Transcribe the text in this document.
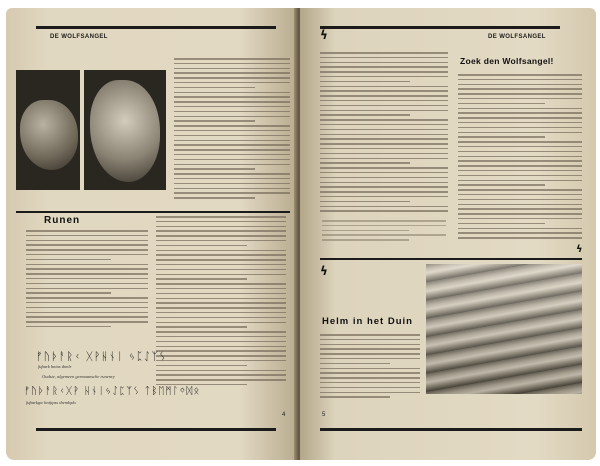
DE WOLFSANGEL
Runen
ᚠᚢᚦᚨᚱᚲ ᚷᚹᚺᚾᛁ ᛃᛈᛇᛉᛊ
fuþark hnias tbmlr
Oudste, algemeen germaansche runenry
ᚠᚢᚦᚨᚱᚲᚷᚹ ᚺᚾᛁᛃᛇᛈᛉᛊ ᛏᛒᛖᛗᛚᛜᛞᛟ
fuþarkgw hnijipzs tbemlŋdo
4
ϟ	DE WOLFSANGEL
Zoek den Wolfsangel!
ϟ
ϟ
Helm in het Duin
5
